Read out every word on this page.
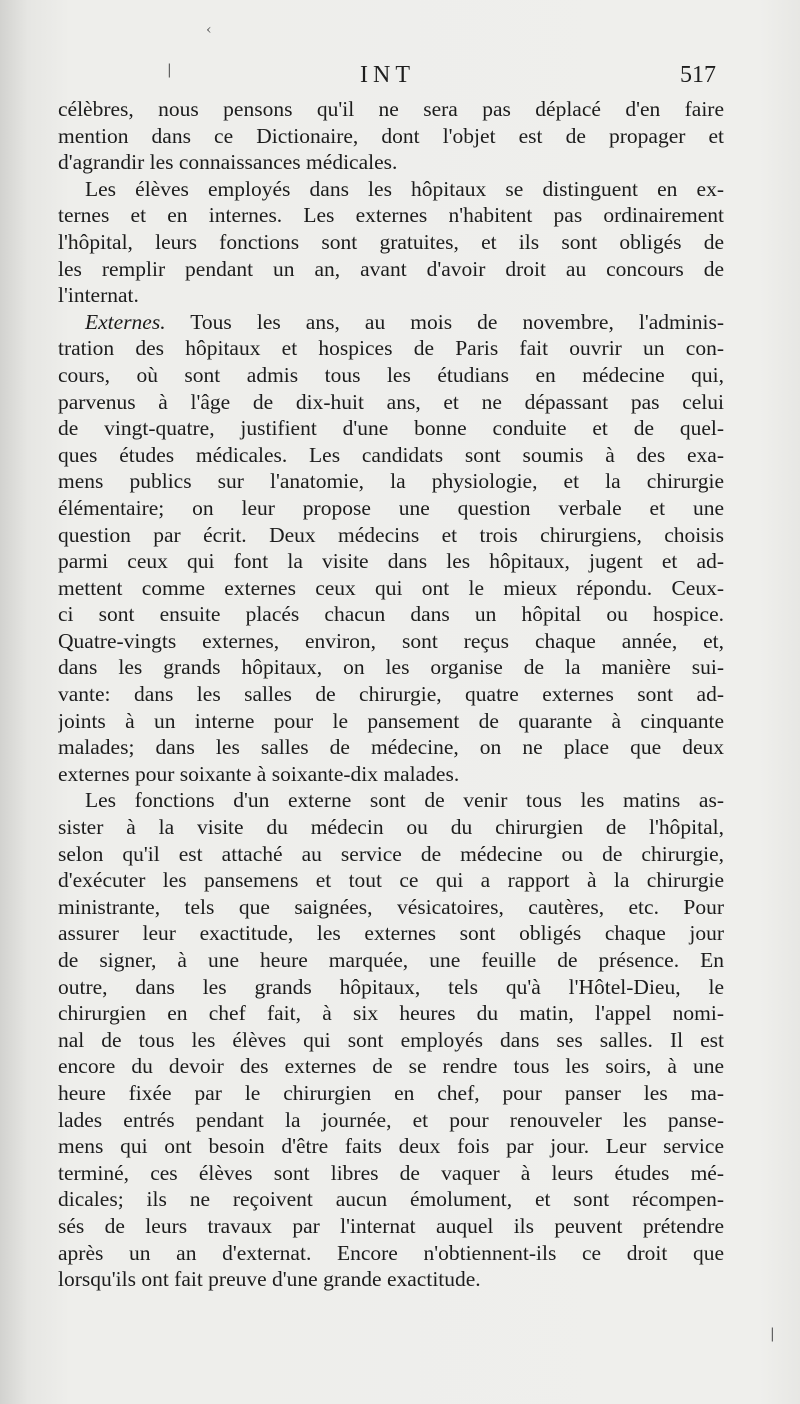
‹
|
|
INT	517
célèbres, nous pensons qu'il ne sera pas déplacé d'en faire
mention dans ce Dictionaire, dont l'objet est de propager et
d'agrandir les connaissances médicales.
Les élèves employés dans les hôpitaux se distinguent en ex-
ternes et en internes. Les externes n'habitent pas ordinairement
l'hôpital, leurs fonctions sont gratuites, et ils sont obligés de
les remplir pendant un an, avant d'avoir droit au concours de
l'internat.
Externes. Tous les ans, au mois de novembre, l'adminis-
tration des hôpitaux et hospices de Paris fait ouvrir un con-
cours, où sont admis tous les étudians en médecine qui,
parvenus à l'âge de dix-huit ans, et ne dépassant pas celui
de vingt-quatre, justifient d'une bonne conduite et de quel-
ques études médicales. Les candidats sont soumis à des exa-
mens publics sur l'anatomie, la physiologie, et la chirurgie
élémentaire; on leur propose une question verbale et une
question par écrit. Deux médecins et trois chirurgiens, choisis
parmi ceux qui font la visite dans les hôpitaux, jugent et ad-
mettent comme externes ceux qui ont le mieux répondu. Ceux-
ci sont ensuite placés chacun dans un hôpital ou hospice.
Quatre-vingts externes, environ, sont reçus chaque année, et,
dans les grands hôpitaux, on les organise de la manière sui-
vante: dans les salles de chirurgie, quatre externes sont ad-
joints à un interne pour le pansement de quarante à cinquante
malades; dans les salles de médecine, on ne place que deux
externes pour soixante à soixante-dix malades.
Les fonctions d'un externe sont de venir tous les matins as-
sister à la visite du médecin ou du chirurgien de l'hôpital,
selon qu'il est attaché au service de médecine ou de chirurgie,
d'exécuter les pansemens et tout ce qui a rapport à la chirurgie
ministrante, tels que saignées, vésicatoires, cautères, etc. Pour
assurer leur exactitude, les externes sont obligés chaque jour
de signer, à une heure marquée, une feuille de présence. En
outre, dans les grands hôpitaux, tels qu'à l'Hôtel-Dieu, le
chirurgien en chef fait, à six heures du matin, l'appel nomi-
nal de tous les élèves qui sont employés dans ses salles. Il est
encore du devoir des externes de se rendre tous les soirs, à une
heure fixée par le chirurgien en chef, pour panser les ma-
lades entrés pendant la journée, et pour renouveler les panse-
mens qui ont besoin d'être faits deux fois par jour. Leur service
terminé, ces élèves sont libres de vaquer à leurs études mé-
dicales; ils ne reçoivent aucun émolument, et sont récompen-
sés de leurs travaux par l'internat auquel ils peuvent prétendre
après un an d'externat. Encore n'obtiennent-ils ce droit que
lorsqu'ils ont fait preuve d'une grande exactitude.
